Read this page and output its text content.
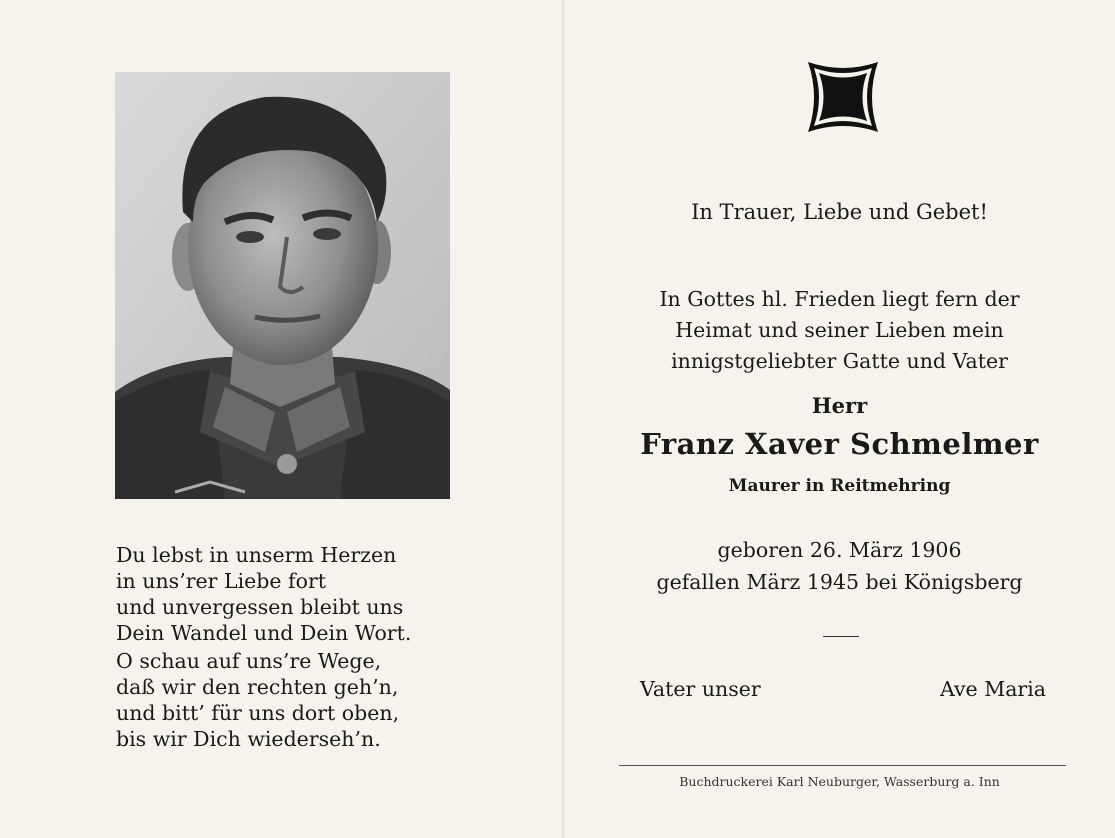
Du lebst in unserm Herzen
in uns’rer Liebe fort
und unvergessen bleibt uns
Dein Wandel und Dein Wort.
O schau auf uns’re Wege,
daß wir den rechten geh’n,
und bitt’ für uns dort oben,
bis wir Dich wiederseh’n.
In Trauer, Liebe und Gebet!
In Gottes hl. Frieden liegt fern der
Heimat und seiner Lieben mein
innigstgeliebter Gatte und Vater
Herr
Franz Xaver Schmelmer
Maurer in Reitmehring
geboren 26. März 1906
gefallen März 1945 bei Königsberg
Vater unser	Ave Maria
Buchdruckerei Karl Neuburger, Wasserburg a. Inn
